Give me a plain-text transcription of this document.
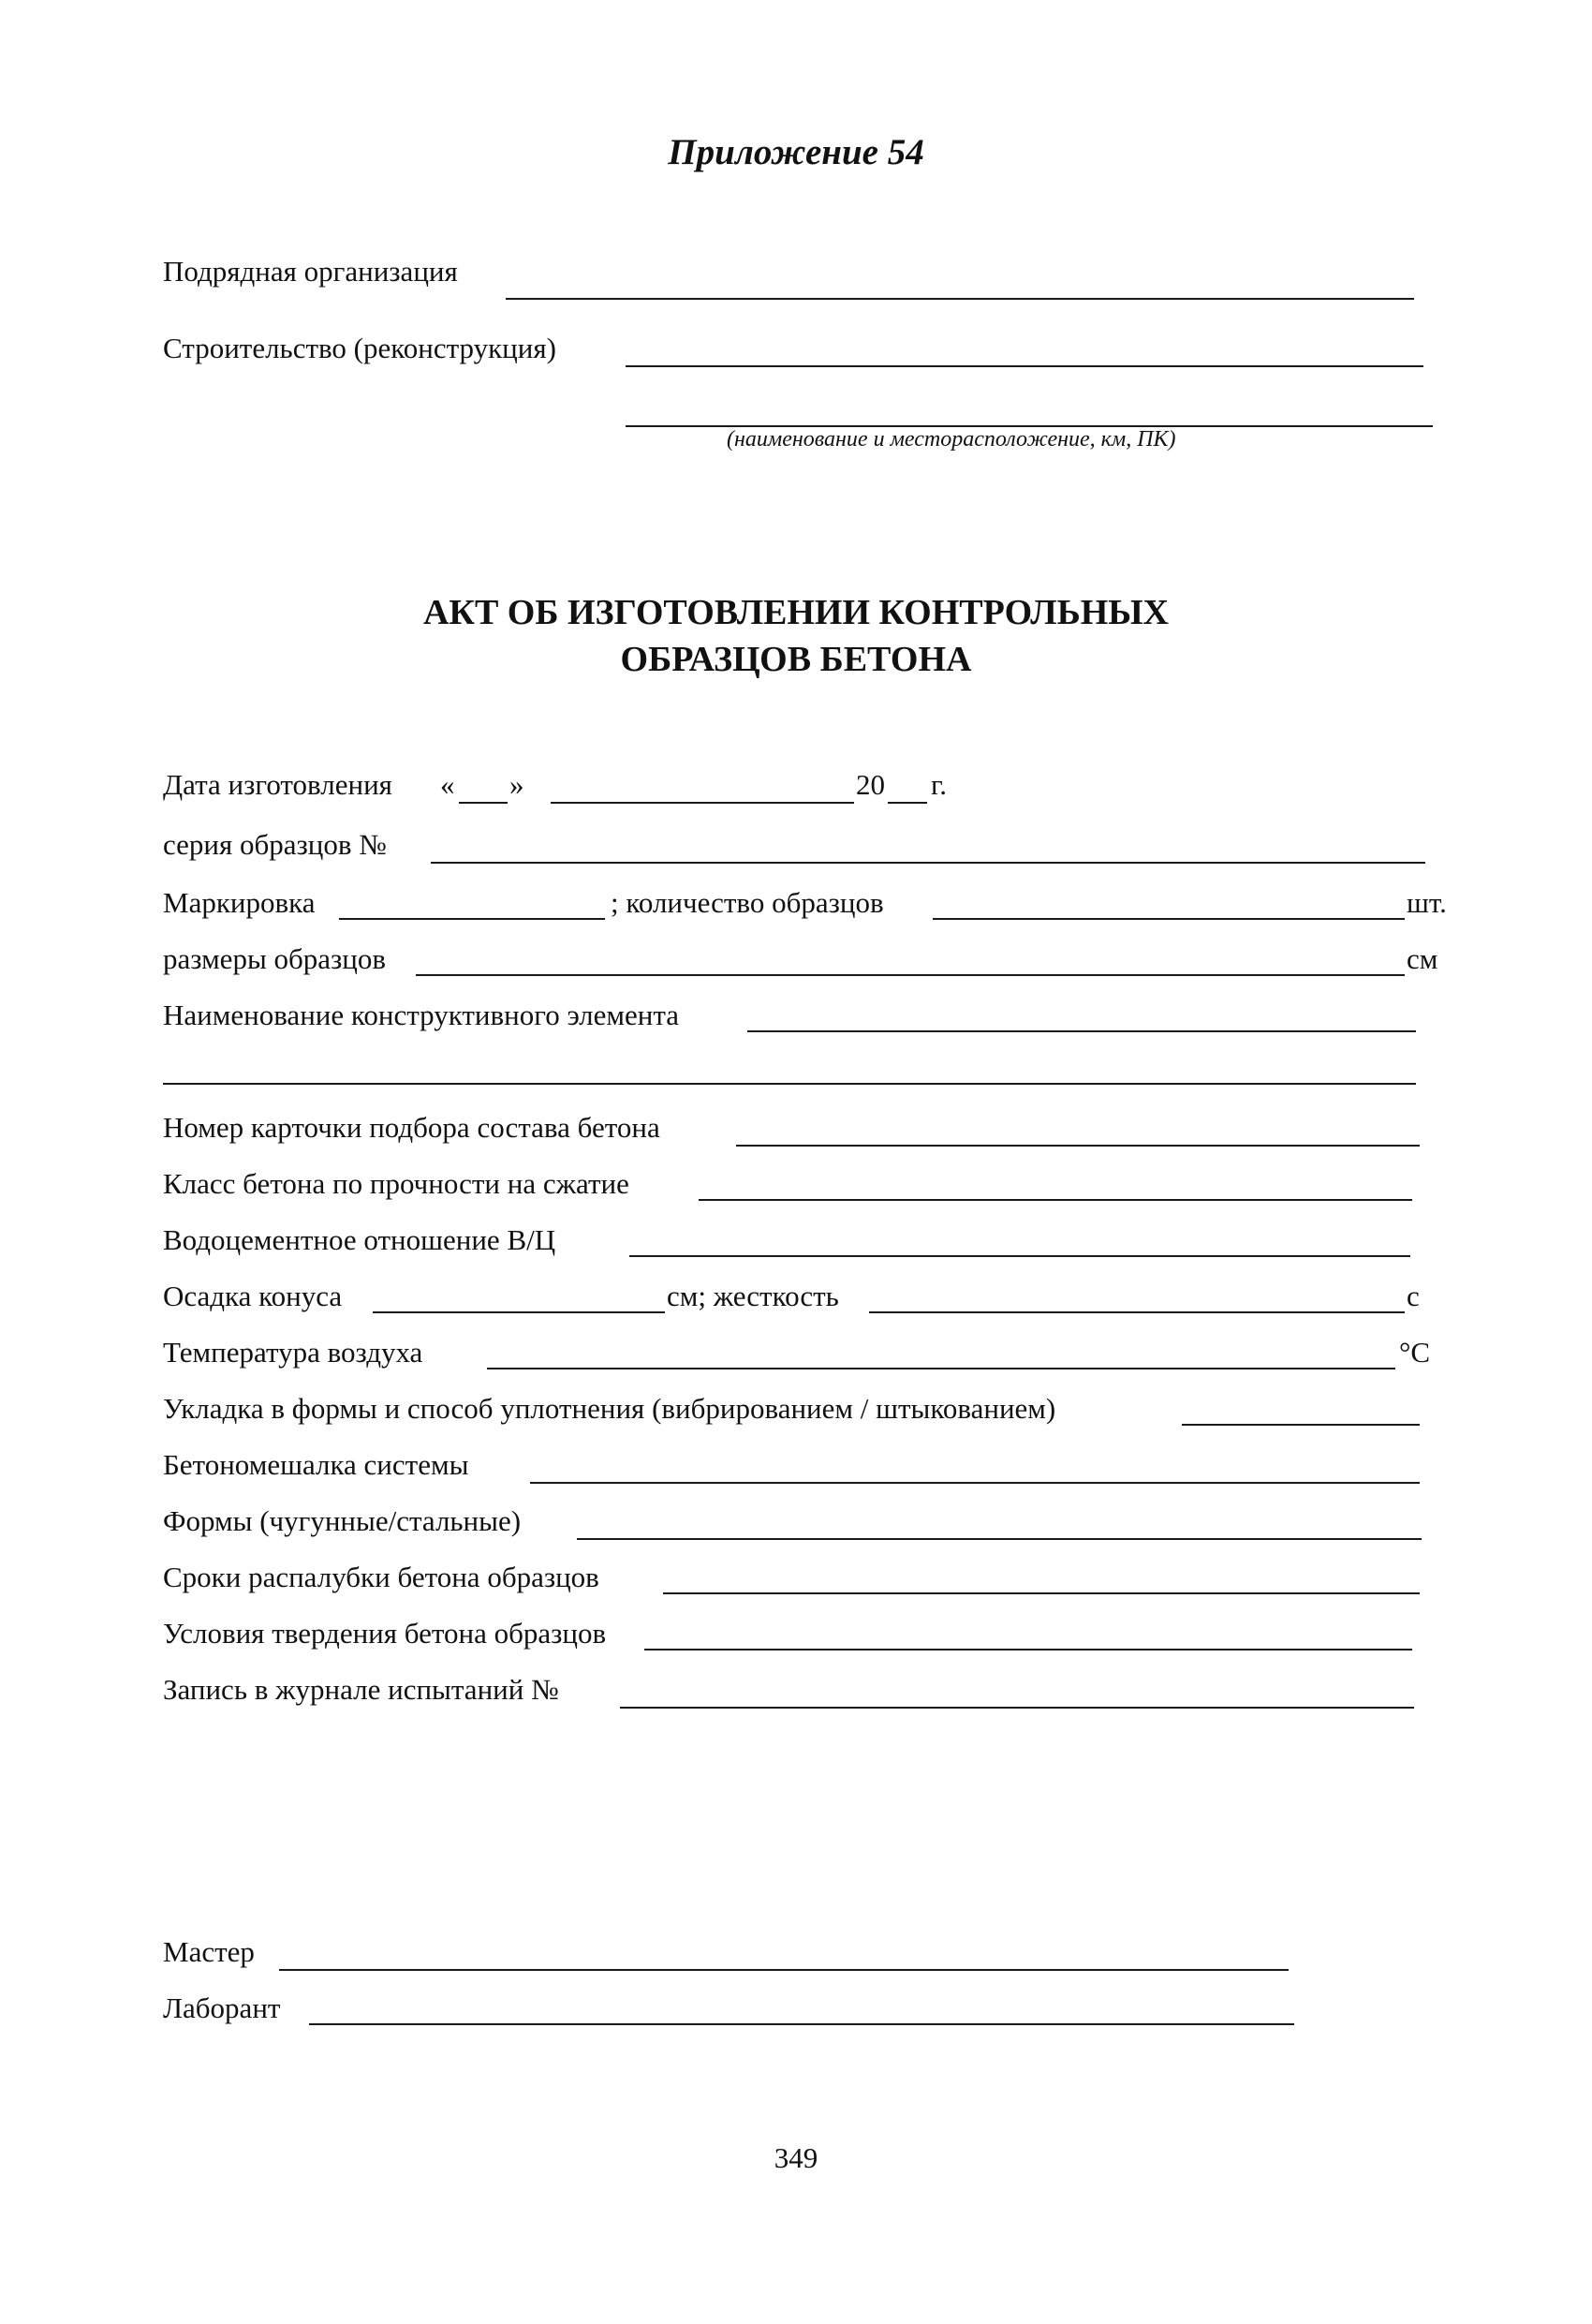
Приложение 54
Подрядная организация
Строительство (реконструкция)
(наименование и месторасположение, км, ПК)
АКТ ОБ ИЗГОТОВЛЕНИИ КОНТРОЛЬНЫХ
ОБРАЗЦОВ БЕТОНА
Дата изготовления « »	20 г.
серия образцов №
Маркировка	; количество образцов	шт.
размеры образцов	см
Наименование конструктивного элемента
Номер карточки подбора состава бетона
Класс бетона по прочности на сжатие
Водоцементное отношение В/Ц
Осадка конуса	см; жесткость	с
Температура воздуха	°С
Укладка в формы и способ уплотнения (вибрированием / штыкованием)
Бетономешалка системы
Формы (чугунные/стальные)
Сроки распалубки бетона образцов
Условия твердения бетона образцов
Запись в журнале испытаний №
Мастер
Лаборант
349
